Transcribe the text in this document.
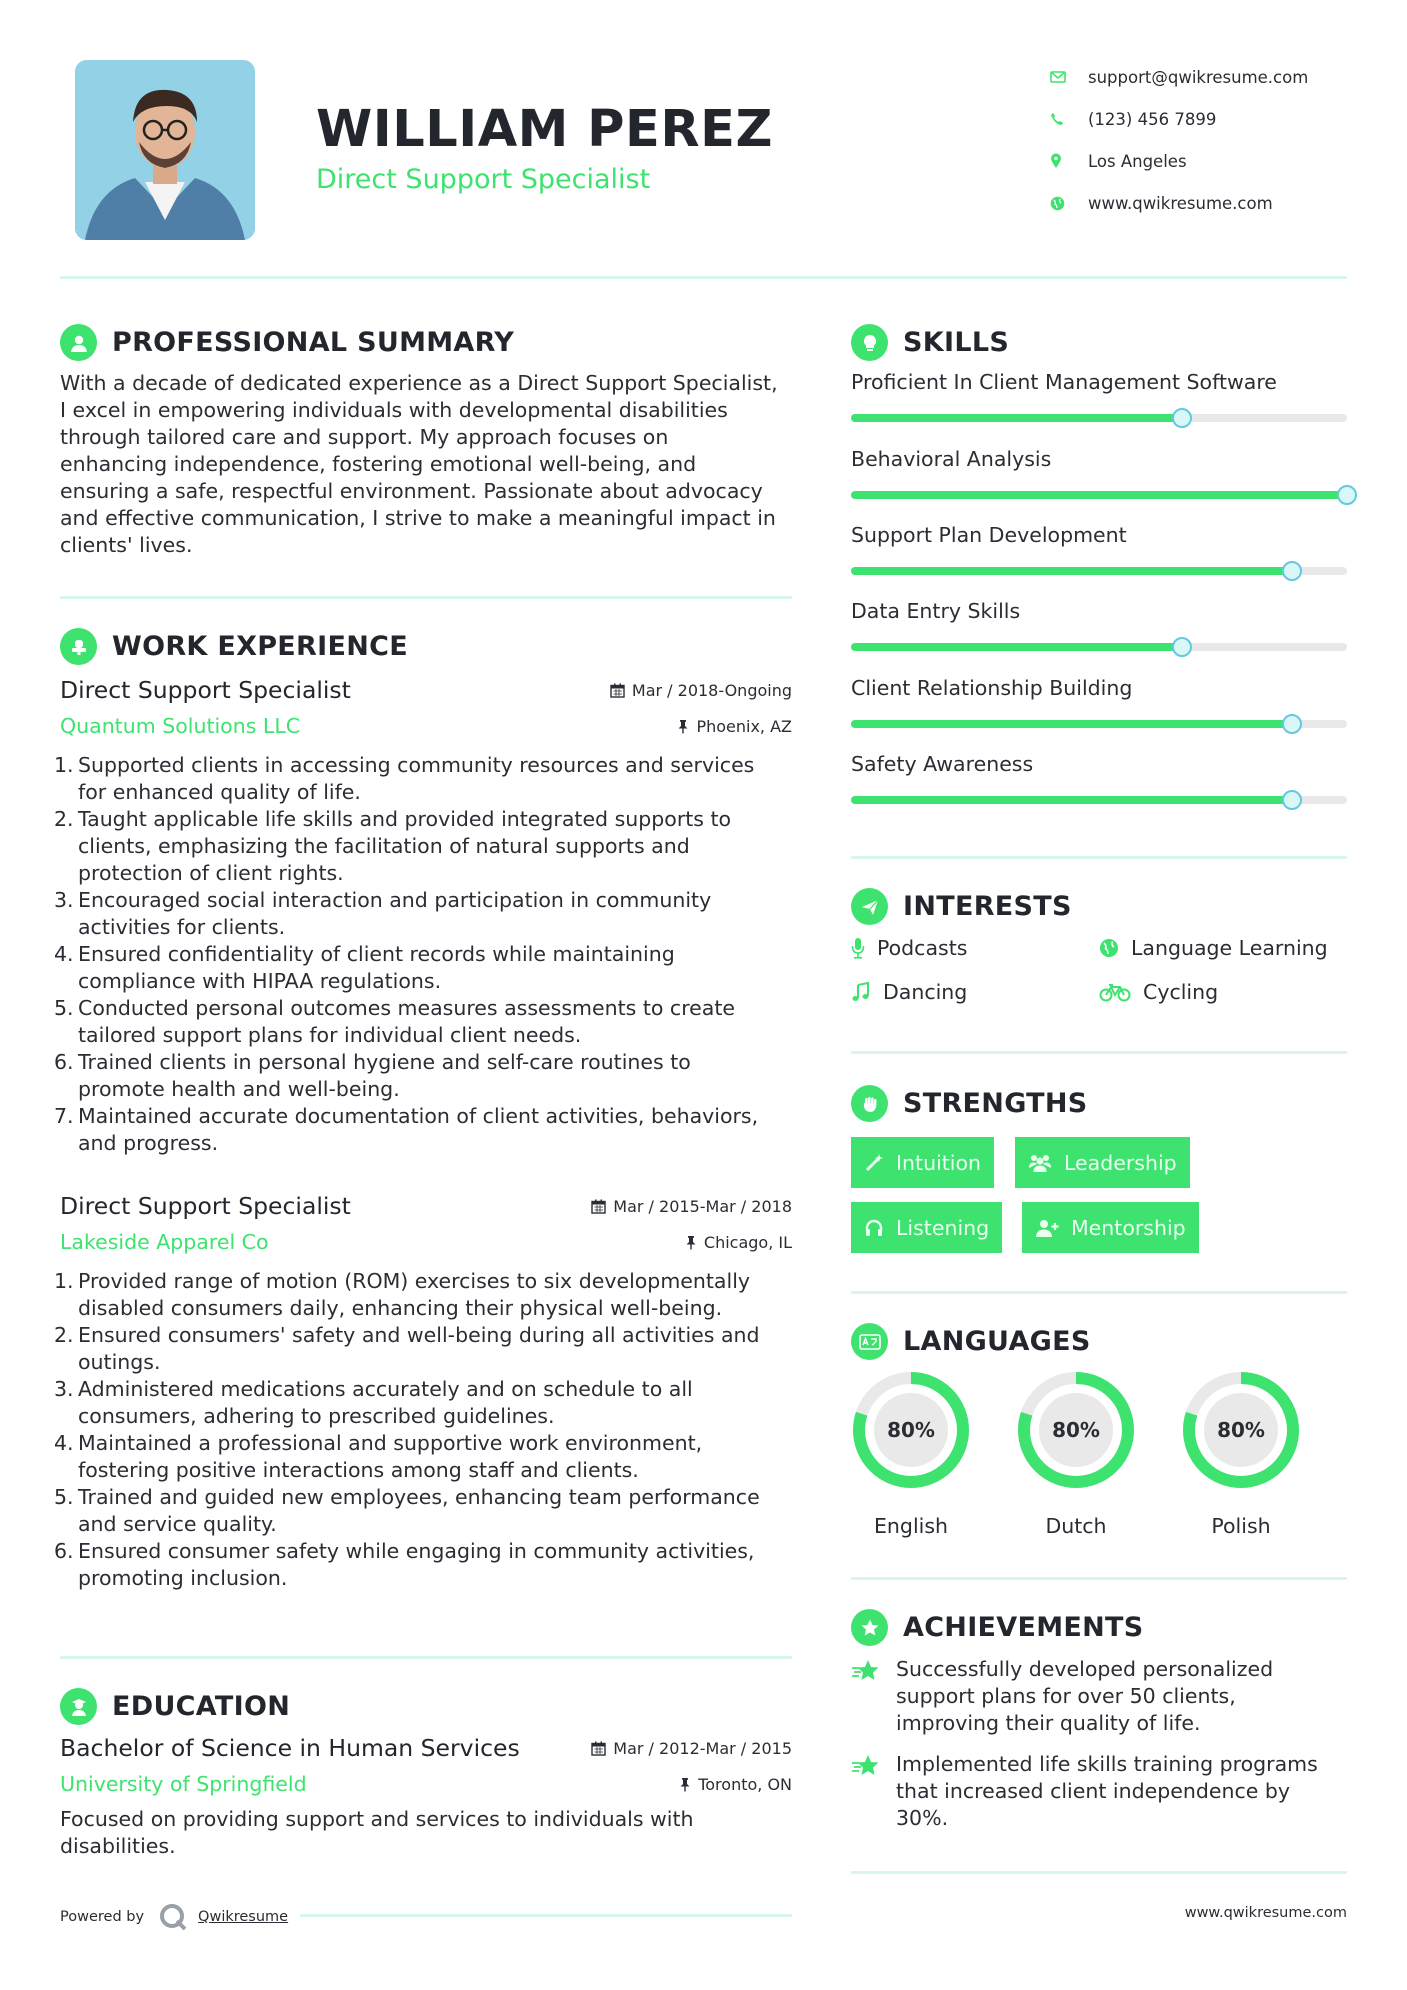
WILLIAM PEREZ
Direct Support Specialist
support@qwikresume.com
(123) 456 7899
Los Angeles
www.qwikresume.com
PROFESSIONAL SUMMARY
With a decade of dedicated experience as a Direct Support Specialist,
I excel in empowering individuals with developmental disabilities
through tailored care and support. My approach focuses on
enhancing independence, fostering emotional well-being, and
ensuring a safe, respectful environment. Passionate about advocacy
and effective communication, I strive to make a meaningful impact in
clients' lives.
WORK EXPERIENCE
Direct Support Specialist	Mar / 2018-Ongoing
Quantum Solutions LLC	Phoenix, AZ
1. Supported clients in accessing community resources and services
for enhanced quality of life.
2. Taught applicable life skills and provided integrated supports to
clients, emphasizing the facilitation of natural supports and
protection of client rights.
3. Encouraged social interaction and participation in community
activities for clients.
4. Ensured confidentiality of client records while maintaining
compliance with HIPAA regulations.
5. Conducted personal outcomes measures assessments to create
tailored support plans for individual client needs.
6. Trained clients in personal hygiene and self-care routines to
promote health and well-being.
7. Maintained accurate documentation of client activities, behaviors,
and progress.
Direct Support Specialist	Mar / 2015-Mar / 2018
Lakeside Apparel Co	Chicago, IL
1. Provided range of motion (ROM) exercises to six developmentally
disabled consumers daily, enhancing their physical well-being.
2. Ensured consumers' safety and well-being during all activities and
outings.
3. Administered medications accurately and on schedule to all
consumers, adhering to prescribed guidelines.
4. Maintained a professional and supportive work environment,
fostering positive interactions among staff and clients.
5. Trained and guided new employees, enhancing team performance
and service quality.
6. Ensured consumer safety while engaging in community activities,
promoting inclusion.
EDUCATION
Bachelor of Science in Human Services	Mar / 2012-Mar / 2015
University of Springfield	Toronto, ON
Focused on providing support and services to individuals with
disabilities.
SKILLS
Proficient In Client Management Software
Behavioral Analysis
Support Plan Development
Data Entry Skills
Client Relationship Building
Safety Awareness
INTERESTS
Podcasts	Language Learning
Dancing	Cycling
STRENGTHS
Intuition	Leadership
Listening	Mentorship
LANGUAGES
80%
English
80%
Dutch
80%
Polish
ACHIEVEMENTS
Successfully developed personalized
support plans for over 50 clients,
improving their quality of life.
Implemented life skills training programs
that increased client independence by
30%.
Powered by	Qwikresume	www.qwikresume.com
